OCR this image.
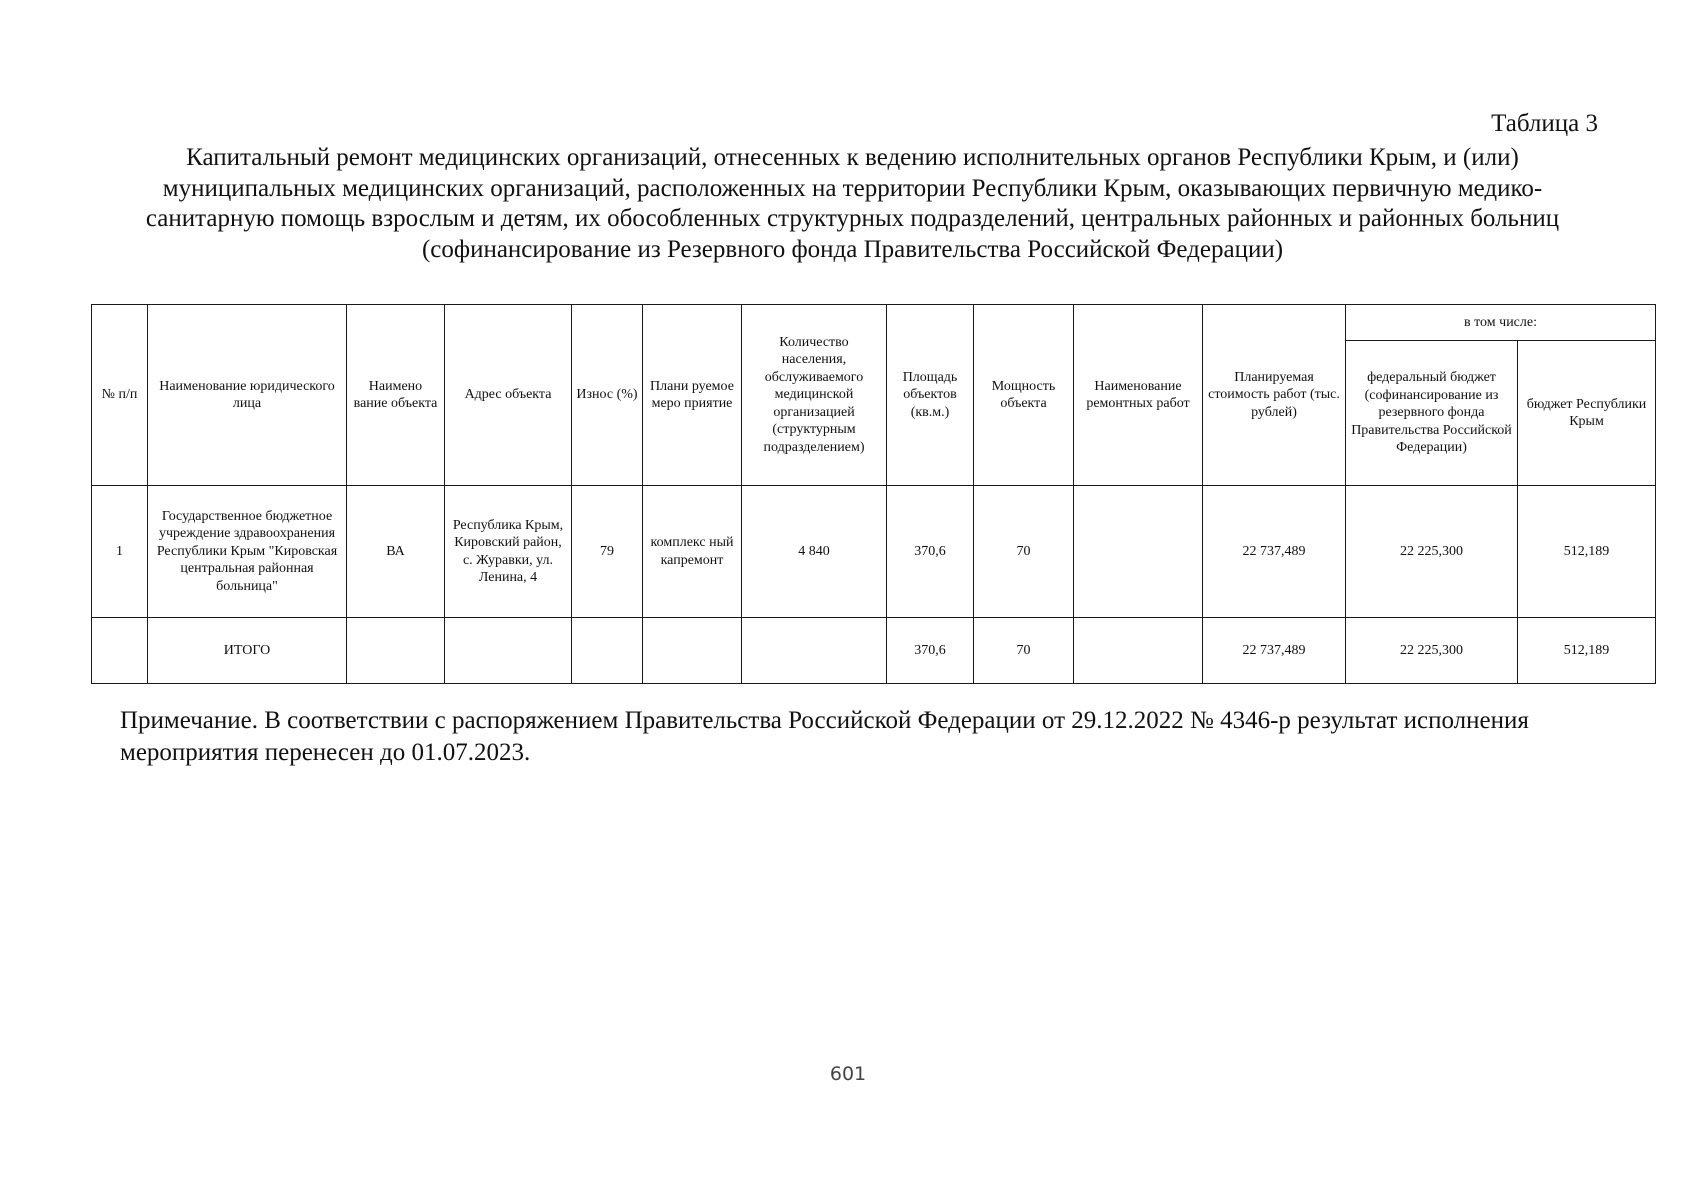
Таблица 3
Капитальный ремонт медицинских организаций, отнесенных к ведению исполнительных органов Республики Крым, и (или) муниципальных медицинских организаций, расположенных на территории Республики Крым, оказывающих первичную медико-санитарную помощь взрослым и детям, их обособленных структурных подразделений, центральных районных и районных больниц (софинансирование из Резервного фонда Правительства Российской Федерации)
№ п/п	Наименование юридического лица	Наимено вание объекта	Адрес объекта	Износ (%)	Плани руемое меро приятие	Количество населения, обслуживаемого медицинской организацией (структурным подразделением)	Площадь объектов (кв.м.)	Мощность объекта	Наименование ремонтных работ	Планируемая стоимость работ (тыс. рублей)	в том числе:	
											федеральный бюджет (софинансирование из резервного фонда Правительства Российской Федерации)	бюджет Республики Крым
1	Государственное бюджетное учреждение здравоохранения Республики Крым "Кировская центральная районная больница"	ВА	Республика Крым, Кировский район, с. Журавки, ул. Ленина, 4	79	комплекс ный капремонт	4 840	370,6	70		22 737,489	22 225,300	512,189
	ИТОГО						370,6	70		22 737,489	22 225,300	512,189
Примечание. В соответствии с распоряжением Правительства Российской Федерации от 29.12.2022 № 4346-р результат исполнения мероприятия перенесен до 01.07.2023.
601
